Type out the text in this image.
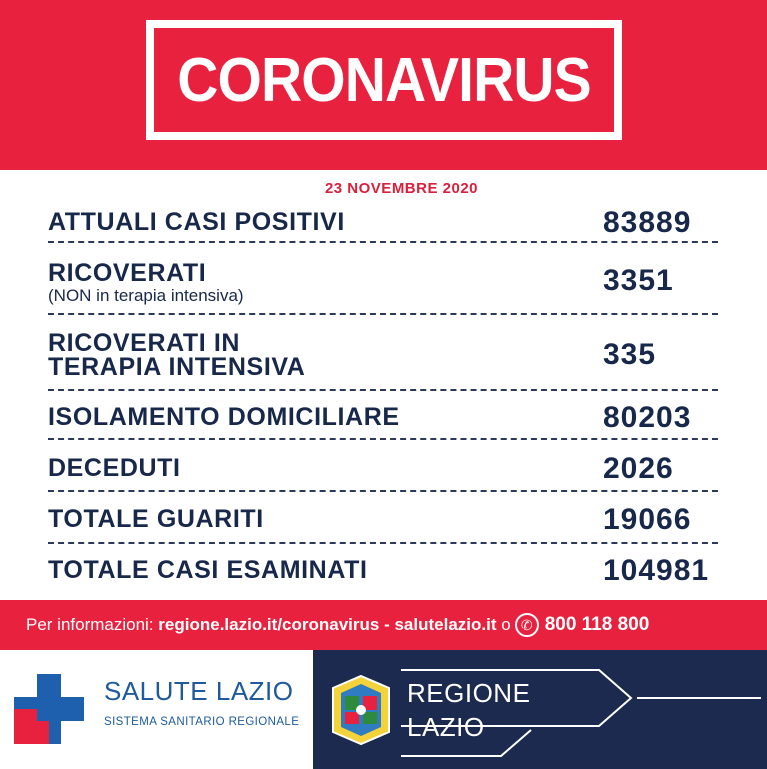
CORONAVIRUS
23 NOVEMBRE 2020
ATTUALI CASI POSITIVI	83889
RICOVERATI
(NON in terapia intensiva)	3351
RICOVERATI IN
TERAPIA INTENSIVA	335
ISOLAMENTO DOMICILIARE	80203
DECEDUTI	2026
TOTALE GUARITI	19066
TOTALE CASI ESAMINATI	104981
Per informazioni:
regione.lazio.it/coronavirus - salutelazio.it o ✆ 800 118 800
SALUTE LAZIO
SISTEMA SANITARIO REGIONALE
REGIONE
LAZIO
